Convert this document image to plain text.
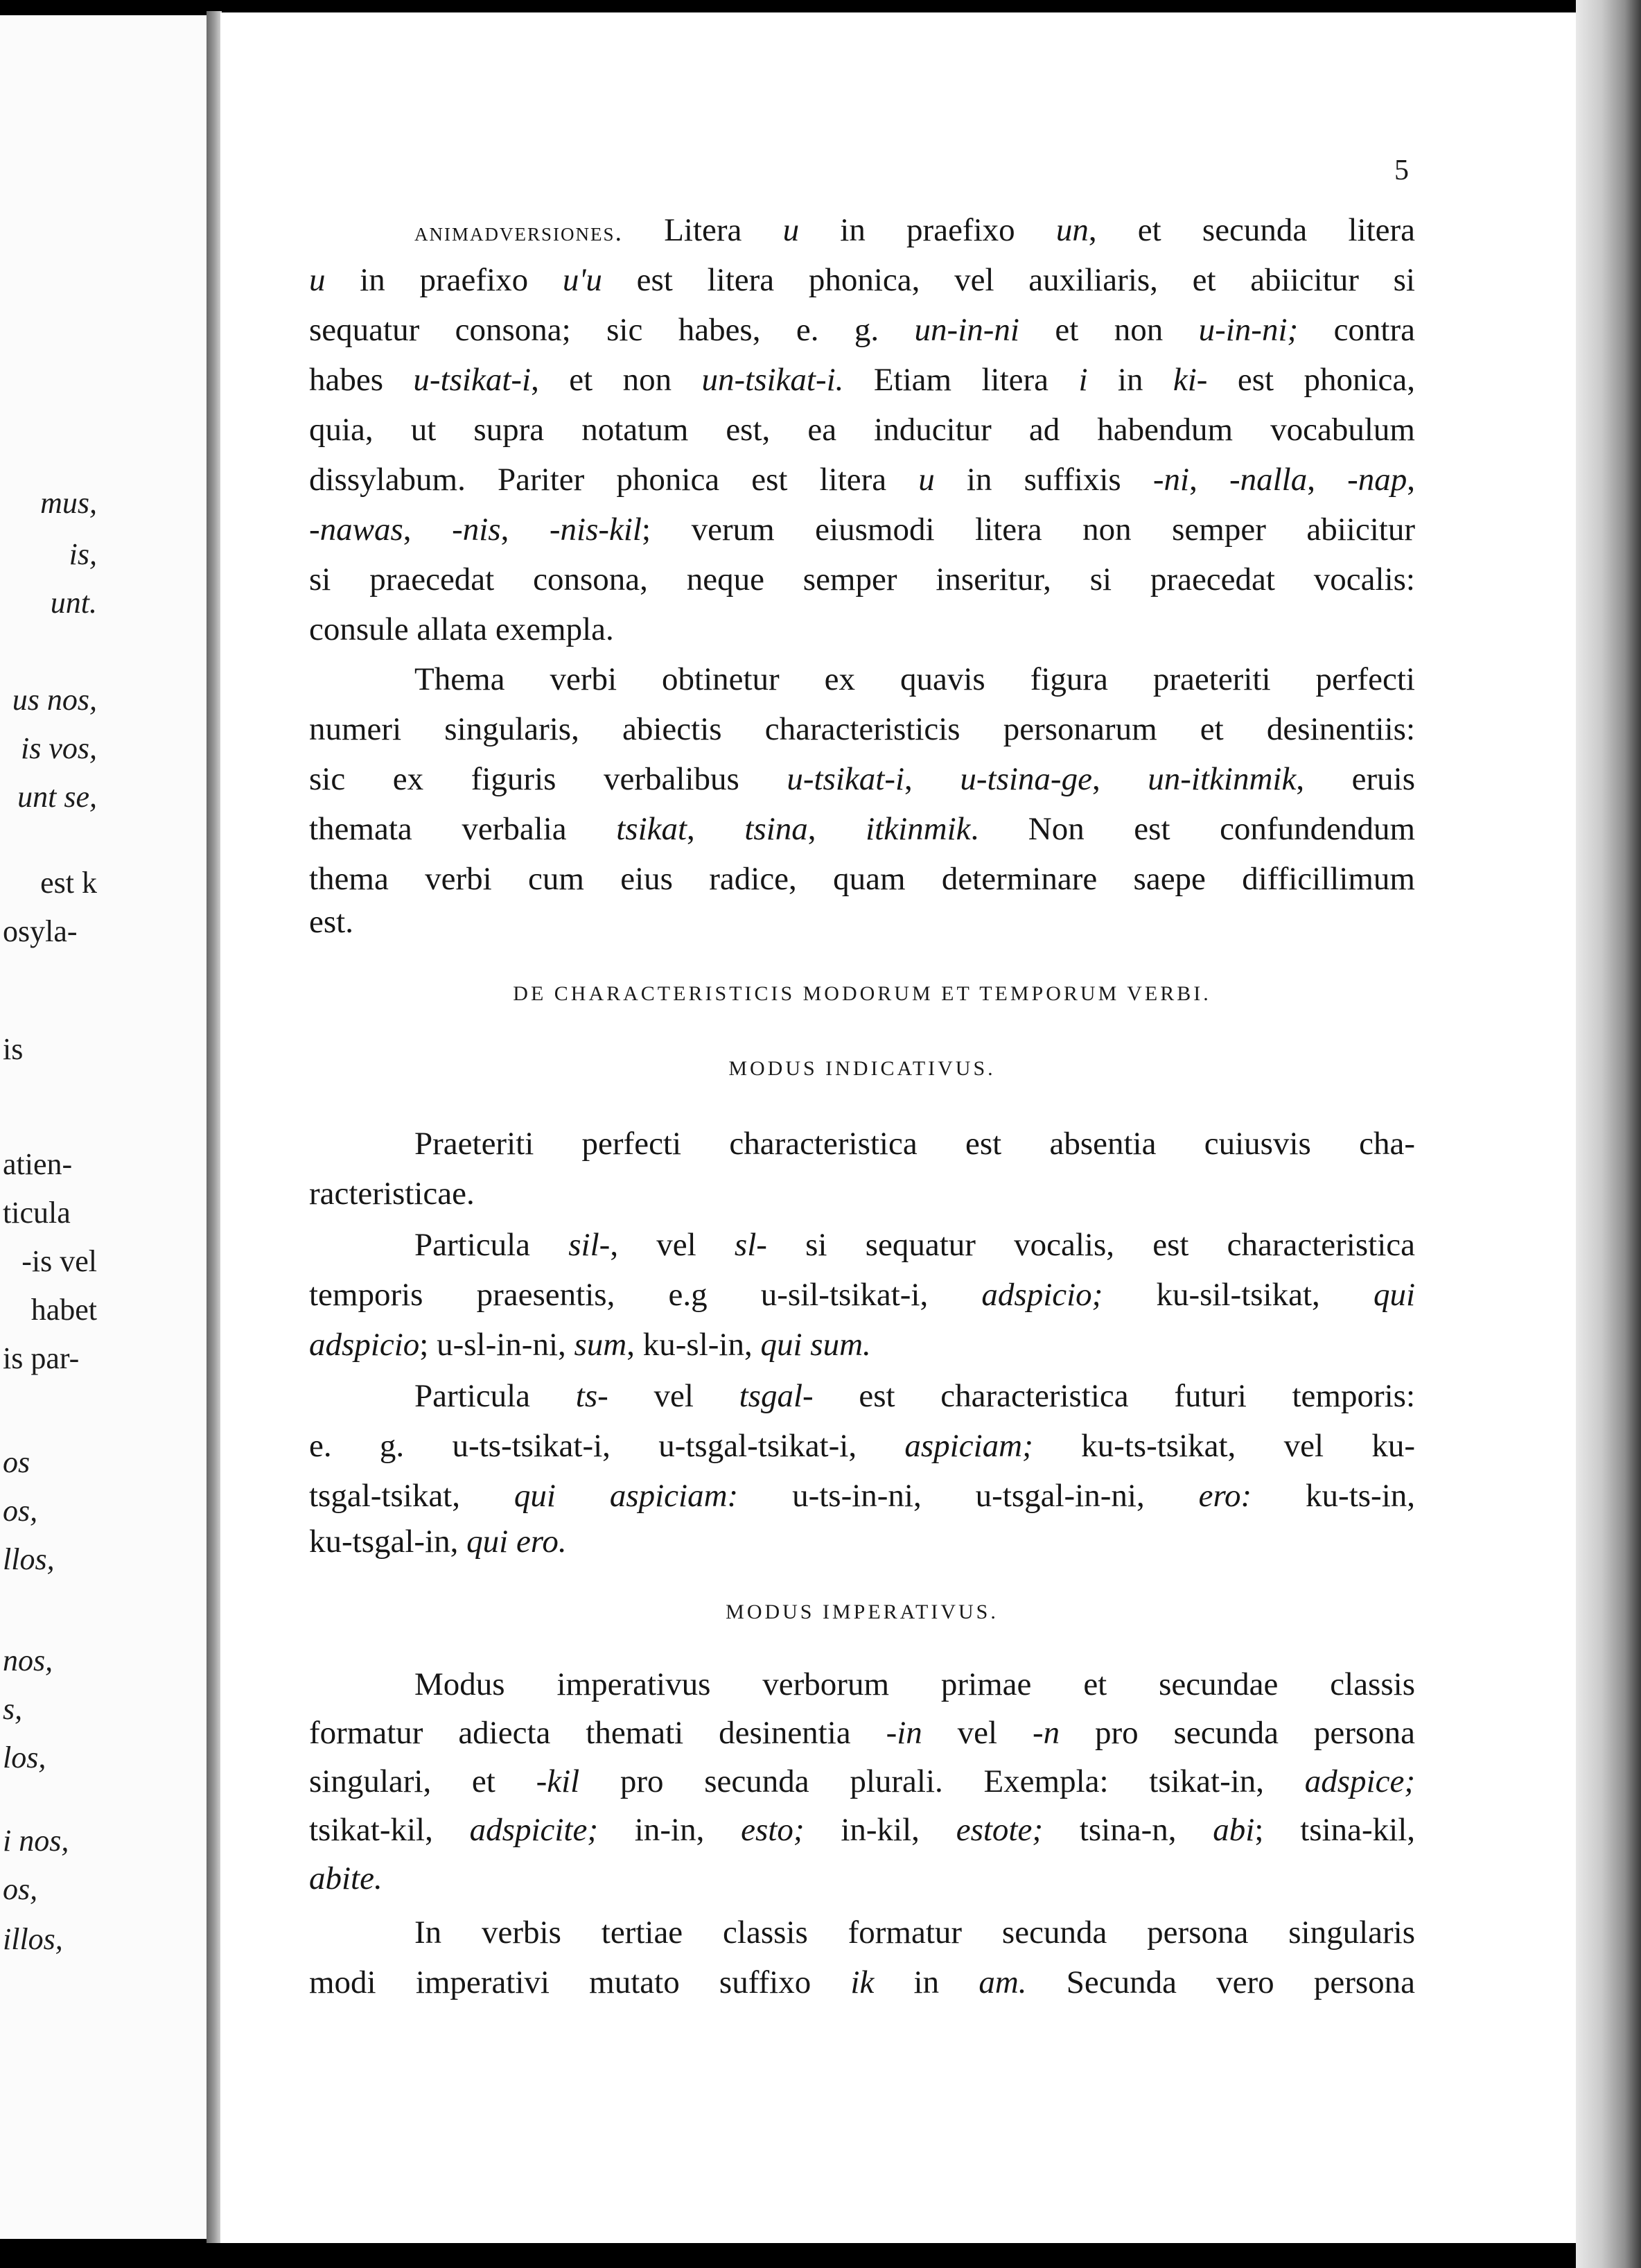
mus,
is,
unt.
us nos,
is vos,
unt se,
est k
osyla-
is
atien-
ticula
-is vel
habet
is par-
os
os,
llos,
nos,
s,
los,
i nos,
os,
illos,
5
animadversiones. Litera u in praefixo un, et secunda litera
u in praefixo u'u est litera phonica, vel auxiliaris, et abiicitur si
sequatur consona; sic habes, e. g. un-in-ni et non u-in-ni; contra
habes u-tsikat-i, et non un-tsikat-i. Etiam litera i in ki- est phonica,
quia, ut supra notatum est, ea inducitur ad habendum vocabulum
dissylabum. Pariter phonica est litera u in suffixis -ni, -nalla, -nap,
-nawas, -nis, -nis-kil; verum eiusmodi litera non semper abiicitur
si praecedat consona, neque semper inseritur, si praecedat vocalis:
consule allata exempla.
Thema verbi obtinetur ex quavis figura praeteriti perfecti
numeri singularis, abiectis characteristicis personarum et desinentiis:
sic ex figuris verbalibus u-tsikat-i, u-tsina-ge, un-itkinmik, eruis
themata verbalia tsikat, tsina, itkinmik. Non est confundendum
thema verbi cum eius radice, quam determinare saepe difficillimum
est.
DE CHARACTERISTICIS MODORUM ET TEMPORUM VERBI.
MODUS INDICATIVUS.
Praeteriti perfecti characteristica est absentia cuiusvis cha-
racteristicae.
Particula sil-, vel sl- si sequatur vocalis, est characteristica
temporis praesentis, e.g u-sil-tsikat-i, adspicio; ku-sil-tsikat, qui
adspicio; u-sl-in-ni, sum, ku-sl-in, qui sum.
Particula ts- vel tsgal- est characteristica futuri temporis:
e. g. u-ts-tsikat-i, u-tsgal-tsikat-i, aspiciam; ku-ts-tsikat, vel ku-
tsgal-tsikat, qui aspiciam: u-ts-in-ni, u-tsgal-in-ni, ero: ku-ts-in,
ku-tsgal-in, qui ero.
MODUS IMPERATIVUS.
Modus imperativus verborum primae et secundae classis
formatur adiecta themati desinentia -in vel -n pro secunda persona
singulari, et -kil pro secunda plurali. Exempla: tsikat-in, adspice;
tsikat-kil, adspicite; in-in, esto; in-kil, estote; tsina-n, abi; tsina-kil,
abite.
In verbis tertiae classis formatur secunda persona singularis
modi imperativi mutato suffixo ik in am. Secunda vero persona
